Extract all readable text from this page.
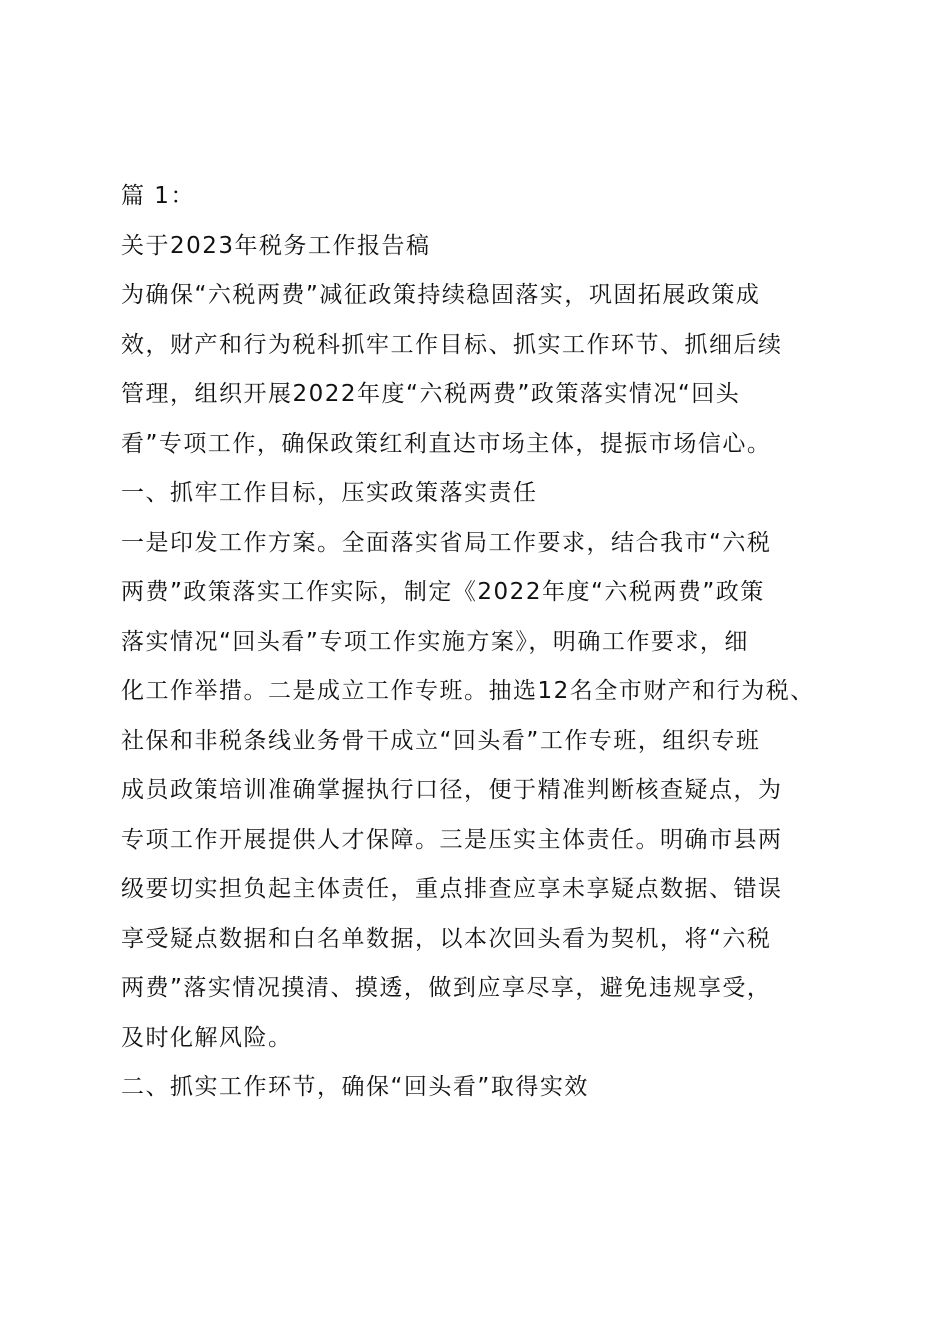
篇 1：

关于2023年税务工作报告稿

为确保“六税两费”减征政策持续稳固落实，巩固拓展政策成
效，财产和行为税科抓牢工作目标、抓实工作环节、抓细后续
管理，组织开展2022年度“六税两费”政策落实情况“回头
看”专项工作，确保政策红利直达市场主体，提振市场信心。

一、抓牢工作目标，压实政策落实责任

一是印发工作方案。全面落实省局工作要求，结合我市“六税
两费”政策落实工作实际，制定《2022年度“六税两费”政策
落实情况“回头看”专项工作实施方案》，明确工作要求，细
化工作举措。二是成立工作专班。抽选12名全市财产和行为税、
社保和非税条线业务骨干成立“回头看”工作专班，组织专班
成员政策培训准确掌握执行口径，便于精准判断核查疑点，为
专项工作开展提供人才保障。三是压实主体责任。明确市县两
级要切实担负起主体责任，重点排查应享未享疑点数据、错误
享受疑点数据和白名单数据，以本次回头看为契机，将“六税
两费”落实情况摸清、摸透，做到应享尽享，避免违规享受，
及时化解风险。

二、抓实工作环节，确保“回头看”取得实效
